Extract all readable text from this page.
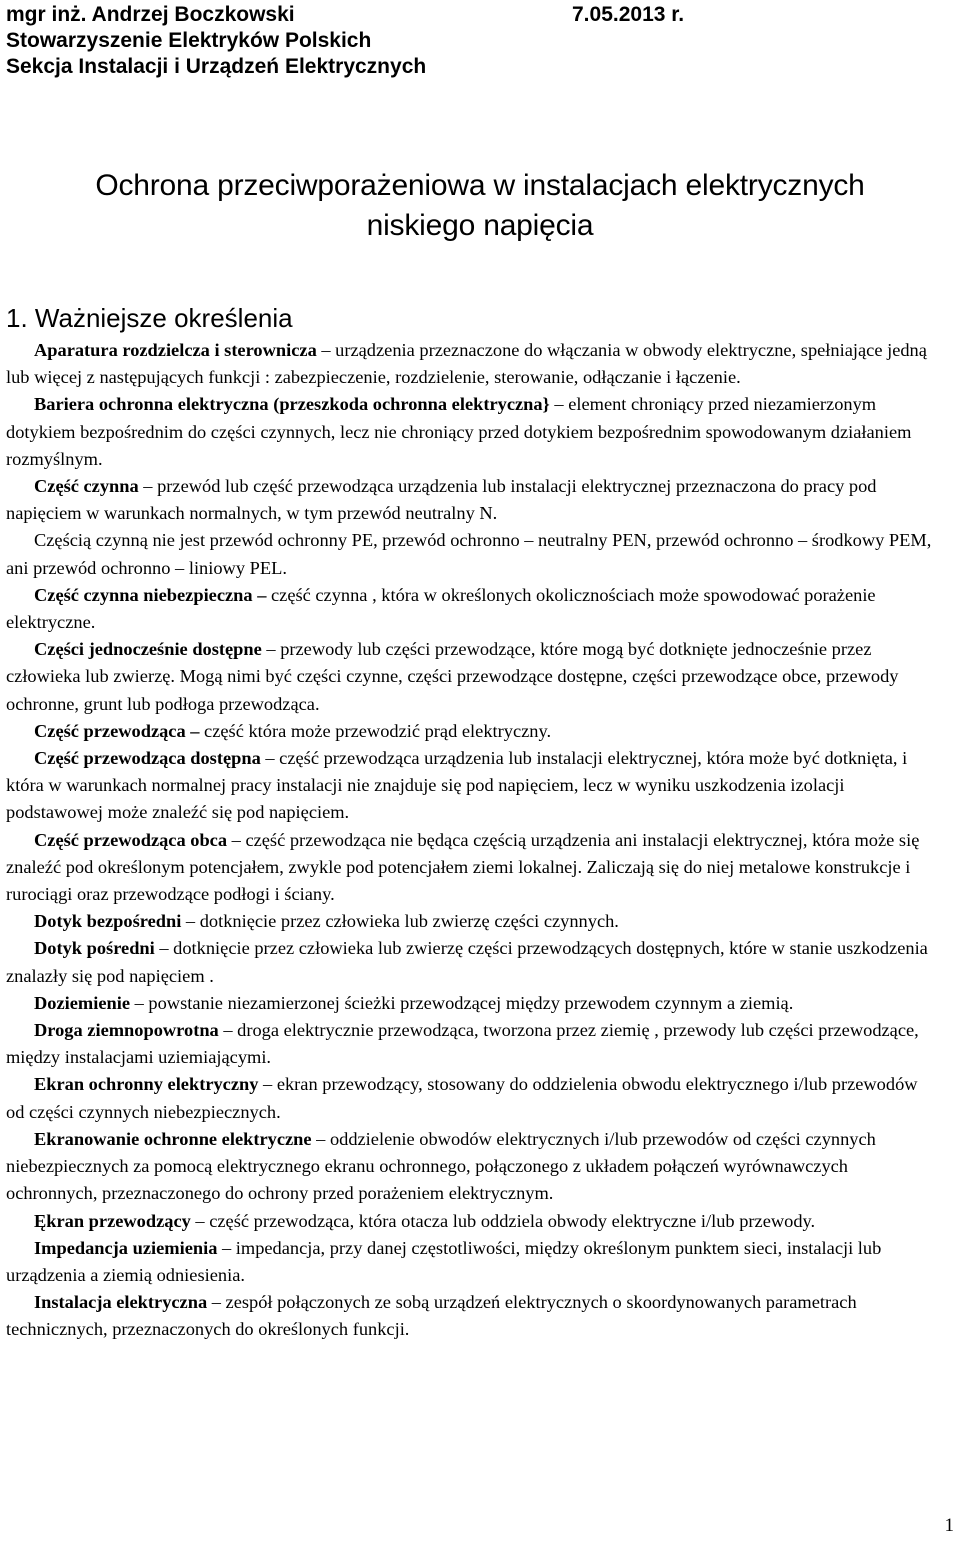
mgr inż. Andrzej Boczkowski	7.05.2013 r.
Stowarzyszenie Elektryków Polskich
Sekcja Instalacji i Urządzeń Elektrycznych
Ochrona przeciwporażeniowa w instalacjach elektrycznych
niskiego napięcia
1. Ważniejsze określenia

Aparatura rozdzielcza i sterownicza – urządzenia przeznaczone do włączania w obwody elektryczne, spełniające jedną lub więcej z następujących funkcji : zabezpieczenie, rozdzielenie, sterowanie, odłączanie i łączenie.

Bariera ochronna elektryczna (przeszkoda ochronna elektryczna} – element chroniący przed niezamierzonym dotykiem bezpośrednim do części czynnych, lecz nie chroniący przed dotykiem bezpośrednim spowodowanym działaniem rozmyślnym.

Część czynna – przewód lub część przewodząca urządzenia lub instalacji elektrycznej przeznaczona do pracy pod napięciem w warunkach normalnych, w tym przewód neutralny N.

Częścią czynną nie jest przewód ochronny PE, przewód ochronno – neutralny PEN, przewód ochronno – środkowy PEM, ani przewód ochronno – liniowy PEL.

Część czynna niebezpieczna – część czynna , która w określonych okolicznościach może spowodować porażenie elektryczne.

Części jednocześnie dostępne – przewody lub części przewodzące, które mogą być dotknięte jednocześnie przez człowieka lub zwierzę. Mogą nimi być części czynne, części przewodzące dostępne, części przewodzące obce, przewody ochronne, grunt lub podłoga przewodząca.

Część przewodząca – część która może przewodzić prąd elektryczny.

Część przewodząca dostępna – część przewodząca urządzenia lub instalacji elektrycznej, która może być dotknięta, i która w warunkach normalnej pracy instalacji nie znajduje się pod napięciem, lecz w wyniku uszkodzenia izolacji podstawowej może znaleźć się pod napięciem.

Część przewodząca obca – część przewodząca nie będąca częścią urządzenia ani instalacji elektrycznej, która może się znaleźć pod określonym potencjałem, zwykle pod potencjałem ziemi lokalnej. Zaliczają się do niej metalowe konstrukcje i rurociągi oraz przewodzące podłogi i ściany.

Dotyk bezpośredni – dotknięcie przez człowieka lub zwierzę części czynnych.

Dotyk pośredni – dotknięcie przez człowieka lub zwierzę części przewodzących dostępnych, które w stanie uszkodzenia znalazły się pod napięciem .

Doziemienie – powstanie niezamierzonej ścieżki przewodzącej między przewodem czynnym a ziemią.

Droga ziemnopowrotna – droga elektrycznie przewodząca, tworzona przez ziemię , przewody lub części przewodzące, między instalacjami uziemiającymi.

Ekran ochronny elektryczny – ekran przewodzący, stosowany do oddzielenia obwodu elektrycznego i/lub przewodów od części czynnych niebezpiecznych.

Ekranowanie ochronne elektryczne – oddzielenie obwodów elektrycznych i/lub przewodów od części czynnych niebezpiecznych za pomocą elektrycznego ekranu ochronnego, połączonego z układem połączeń wyrównawczych ochronnych, przeznaczonego do ochrony przed porażeniem elektrycznym.

Ękran przewodzący – część przewodząca, która otacza lub oddziela obwody elektryczne i/lub przewody.

Impedancja uziemienia – impedancja, przy danej częstotliwości, między określonym punktem sieci, instalacji lub urządzenia a ziemią odniesienia.

Instalacja elektryczna – zespół połączonych ze sobą urządzeń elektrycznych o skoordynowanych parametrach technicznych, przeznaczonych do określonych funkcji.

1
